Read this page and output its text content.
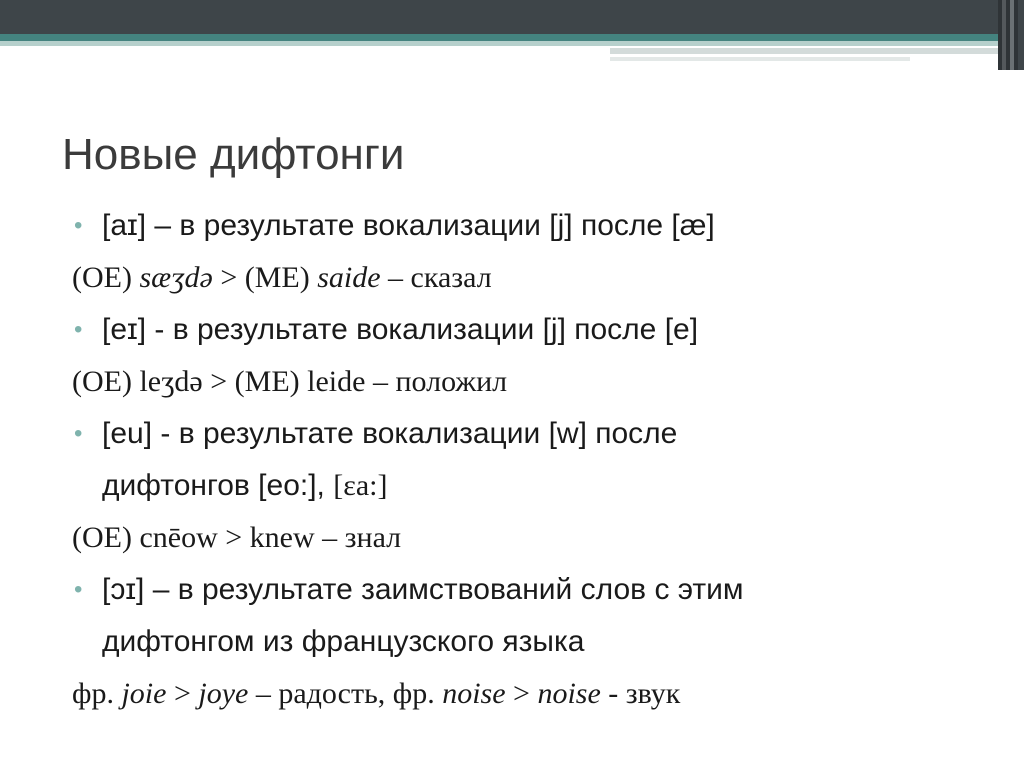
Новые дифтонги
• [aɪ] – в результате вокализации [j] после [æ]
(OE) sæʒdə > (ME) saide – сказал
• [eɪ] - в результате вокализации [j] после [e]
(OE) leʒdə > (ME) leide – положил
• [eu] - в результате вокализации [w] после
дифтонгов [eo:], [ɛa:]
(OE) cnēow > knew – знал
• [ɔɪ] – в результате заимствований слов с этим
дифтонгом из французского языка
фр. joie > joye – радость, фр. noise > noise - звук
